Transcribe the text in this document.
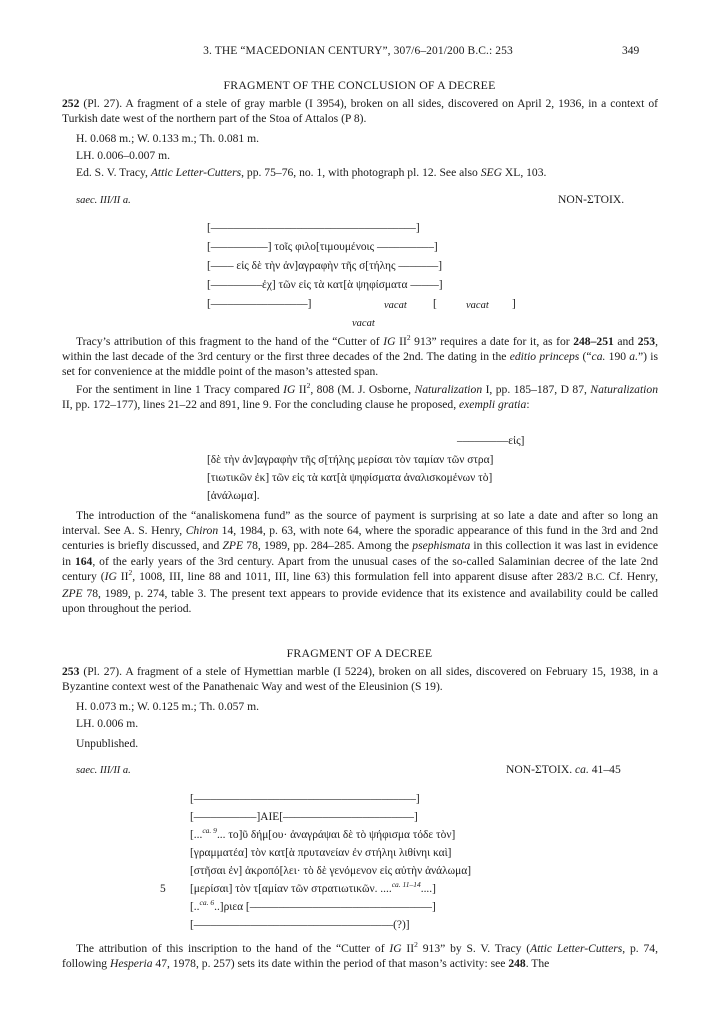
3. THE “MACEDONIAN CENTURY”, 307/6–201/200 B.C.: 253	349
FRAGMENT OF THE CONCLUSION OF A DECREE
252 (Pl. 27). A fragment of a stele of gray marble (I 3954), broken on all sides, discovered on April 2, 1936, in a context of Turkish date west of the northern part of the Stoa of Attalos (P 8).
H. 0.068 m.; W. 0.133 m.; Th. 0.081 m.
LH. 0.006–0.007 m.
Ed. S. V. Tracy, Attic Letter-Cutters, pp. 75–76, no. 1, with photograph pl. 12. See also SEG XL, 103.
saec. III/II a.	NON-ΣΤΟΙΧ.
[––––––––––––––––––––––––––––––––––––]
[––––––––––] τοῖς φιλο[τιμουμένοις ––––––––––]
[–––– εἰς δὲ τὴν ἀν]αγραφὴν τῆς σ[τήλης –––––––]
[–––––––––ἐχ] τῶν εἰς τὰ κατ[ὰ ψηφίσματα –––––]
[–––––––––––––––––]	vacat [	vacat ]
vacat
Tracy’s attribution of this fragment to the hand of the “Cutter of IG $II^2$ 913” requires a date for it, as for 248–251 and 253, within the last decade of the 3rd century or the first three decades of the 2nd. The dating in the editio princeps (“ca. 190 a.”) is set for convenience at the middle point of the mason’s attested span.
For the sentiment in line 1 Tracy compared IG $II^2$, 808 (M. J. Osborne, Naturalization I, pp. 185–187, D 87, Naturalization II, pp. 172–177), lines 21–22 and 891, line 9. For the concluding clause he proposed, exempli gratia:
–––––––––εἰς]
[δὲ τὴν ἀν]αγραφὴν τῆς σ[τήλης μερίσαι τὸν ταμίαν τῶν στρα]
[τιωτικῶν ἐκ] τῶν εἰς τὰ κατ[ὰ ψηφίσματα ἀναλισκομένων τὸ]
[ἀνάλωμα].
The introduction of the “analiskomena fund” as the source of payment is surprising at so late a date and after so long an interval. See A. S. Henry, Chiron 14, 1984, p. 63, with note 64, where the sporadic appearance of this fund in the 3rd and 2nd centuries is briefly discussed, and ZPE 78, 1989, pp. 284–285. Among the psephismata in this collection it was last in evidence in 164, of the early years of the 3rd century. Apart from the unusual cases of the so-called Salaminian decree of the late 2nd century (IG $II^2$, 1008, III, line 88 and 1011, III, line 63) this formulation fell into apparent disuse after 283/2 B.C. Cf. Henry, ZPE 78, 1989, p. 274, table 3. The present text appears to provide evidence that its existence and availability could be called upon throughout the period.
FRAGMENT OF A DECREE
253 (Pl. 27). A fragment of a stele of Hymettian marble (I 5224), broken on all sides, discovered on February 15, 1938, in a Byzantine context west of the Panathenaic Way and west of the Eleusinion (S 19).
H. 0.073 m.; W. 0.125 m.; Th. 0.057 m.
LH. 0.006 m.
Unpublished.
saec. III/II a.	NON-ΣΤΟΙΧ. ca. 41–45
[–––––––––––––––––––––––––––––––––––––––]
[–––––––––––]ΑΙΕ[–––––––––––––––––––––––]
[...$^{ca. 9}$... το]ῦ δήμ[ου· ἀναγράψαι δὲ τὸ ψήφισμα τόδε τὸν]
[γραμματέα] τὸν κατ[ὰ πρυτανείαν ἐν στήληι λιθίνηι καὶ]
[στῆσαι ἐν] ἀκροπό[λει· τὸ δὲ γενόμενον εἰς αὐτὴν ἀνάλωμα]
5 [μερίσαι] τὸν τ[αμίαν τῶν στρατιωτικῶν. ....$^{ca. 11-14}$....]
[..$^{ca. 6}$..]ριεα [––––––––––––––––––––––––––––––––]
[–––––––––––––––––––––––––––––––––––(?)]
The attribution of this inscription to the hand of the “Cutter of IG $II^2$ 913” by S. V. Tracy (Attic Letter-Cutters, p. 74, following Hesperia 47, 1978, p. 257) sets its date within the period of that mason’s activity: see 248. The
